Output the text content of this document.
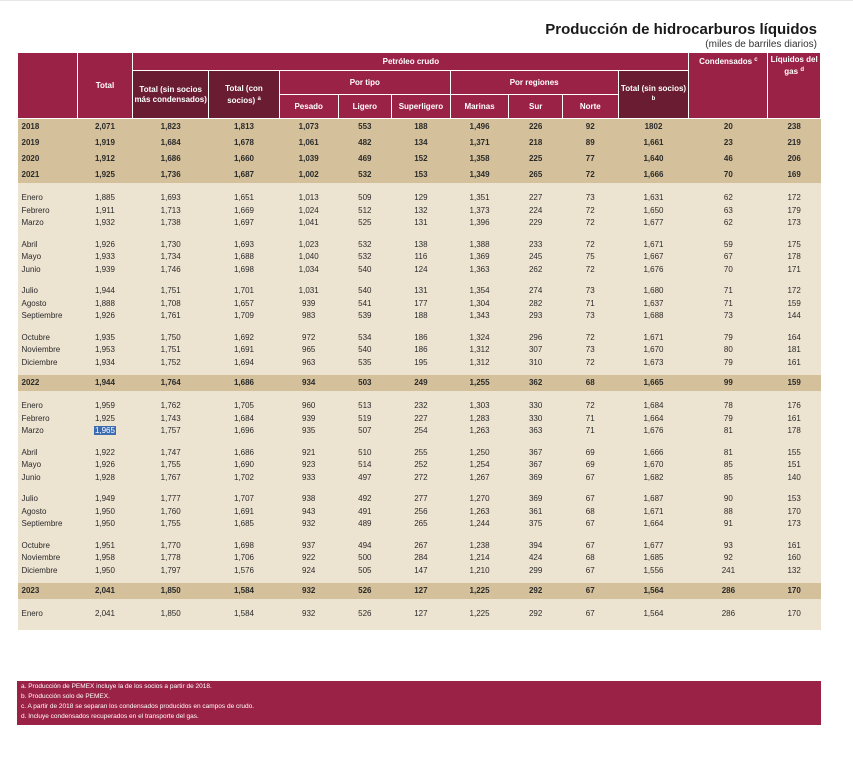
Producción de hidrocarburos líquidos
(miles de barriles diarios)
	Total	Petróleo crudo									Condensados $^c$	Líquidos del gas $^d$
		Total (sin socios más condensados)	Total (con socios) $^a$	Por tipo			Por regiones			Total (sin socios) $^b$
				Pesado	Ligero	Superligero	Marinas	Sur	Norte			
2018	2,071	1,823	1,813	1,073	553	188	1,496	226	92	1802	20	238
2019	1,919	1,684	1,678	1,061	482	134	1,371	218	89	1,661	23	219
2020	1,912	1,686	1,660	1,039	469	152	1,358	225	77	1,640	46	206
2021	1,925	1,736	1,687	1,002	532	153	1,349	265	72	1,666	70	169

Enero	1,885	1,693	1,651	1,013	509	129	1,351	227	73	1,631	62	172
Febrero	1,911	1,713	1,669	1,024	512	132	1,373	224	72	1,650	63	179
Marzo	1,932	1,738	1,697	1,041	525	131	1,396	229	72	1,677	62	173

Abril	1,926	1,730	1,693	1,023	532	138	1,388	233	72	1,671	59	175
Mayo	1,933	1,734	1,688	1,040	532	116	1,369	245	75	1,667	67	178
Junio	1,939	1,746	1,698	1,034	540	124	1,363	262	72	1,676	70	171

Julio	1,944	1,751	1,701	1,031	540	131	1,354	274	73	1,680	71	172
Agosto	1,888	1,708	1,657	939	541	177	1,304	282	71	1,637	71	159
Septiembre	1,926	1,761	1,709	983	539	188	1,343	293	73	1,688	73	144

Octubre	1,935	1,750	1,692	972	534	186	1,324	296	72	1,671	79	164
Noviembre	1,953	1,751	1,691	965	540	186	1,312	307	73	1,670	80	181
Diciembre	1,934	1,752	1,694	963	535	195	1,312	310	72	1,673	79	161

2022	1,944	1,764	1,686	934	503	249	1,255	362	68	1,665	99	159

Enero	1,959	1,762	1,705	960	513	232	1,303	330	72	1,684	78	176
Febrero	1,925	1,743	1,684	939	519	227	1,283	330	71	1,664	79	161
Marzo	1,965	1,757	1,696	935	507	254	1,263	363	71	1,676	81	178

Abril	1,922	1,747	1,686	921	510	255	1,250	367	69	1,666	81	155
Mayo	1,926	1,755	1,690	923	514	252	1,254	367	69	1,670	85	151
Junio	1,928	1,767	1,702	933	497	272	1,267	369	67	1,682	85	140

Julio	1,949	1,777	1,707	938	492	277	1,270	369	67	1,687	90	153
Agosto	1,950	1,760	1,691	943	491	256	1,263	361	68	1,671	88	170
Septiembre	1,950	1,755	1,685	932	489	265	1,244	375	67	1,664	91	173

Octubre	1,951	1,770	1,698	937	494	267	1,238	394	67	1,677	93	161
Noviembre	1,958	1,778	1,706	922	500	284	1,214	424	68	1,685	92	160
Diciembre	1,950	1,797	1,576	924	505	147	1,210	299	67	1,556	241	132

2023	2,041	1,850	1,584	932	526	127	1,225	292	67	1,564	286	170

Enero	2,041	1,850	1,584	932	526	127	1,225	292	67	1,564	286	170

a. Producción de PEMEX incluye la de los socios a partir de 2018.
b. Producción solo de PEMEX.
c. A partir de 2018 se separan los condensados producidos en campos de crudo.
d. Incluye condensados recuperados en el transporte del gas.
